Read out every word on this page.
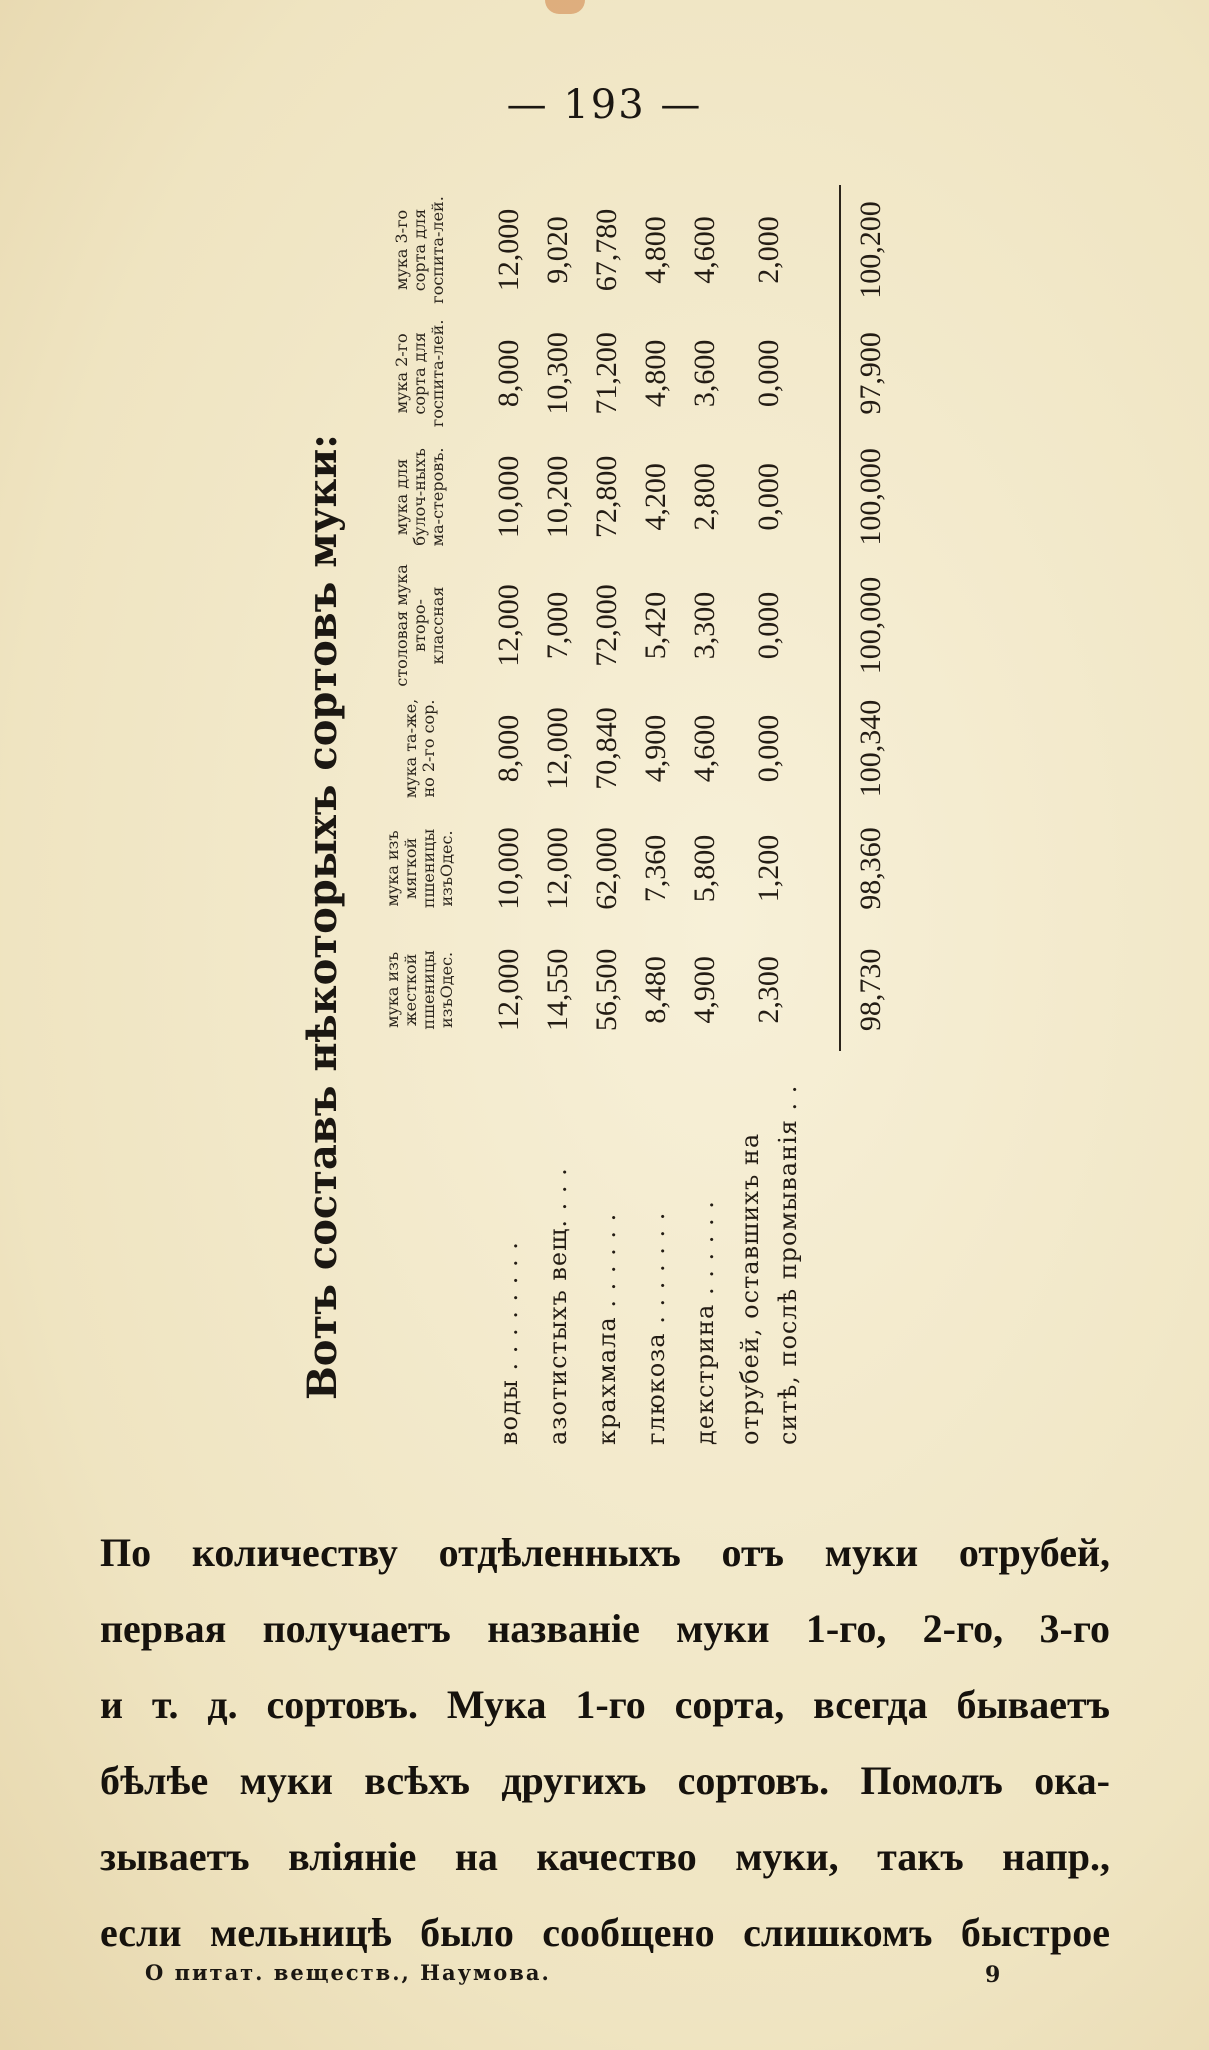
— 193 —
Вотъ составъ нѣкоторыхъ сортовъ муки:
		мука изъ жесткой пшеницы изъОдес.	мука изъ мягкой пшеницы изъОдес.	мука та-же, но 2-го сор.	столовая мука второ-классная	мука для булоч-ныхъ ма-стеровъ.	мука 2-го сорта для госпита-лей.	мука 3-го сорта для госпита-лей.
воды . . . . . . . .	12,000	10,000	8,000	12,000	10,000	8,000	12,000
азотистыхъ вещ. . . .	14,550	12,000	12,000	7,000	10,200	10,300	9,020
крахмала . . . . . .	56,500	62,000	70,840	72,000	72,800	71,200	67,780
глюкоза . . . . . . .	8,480	7,360	4,900	5,420	4,200	4,800	4,800
декстрина . . . . . .	4,900	5,800	4,600	3,300	2,800	3,600	4,600

отрубей, оставшихъ на ситѣ, послѣ промыванія . .	2,300	1,200	0,000	0,000	0,000	0,000	2,000

	98,730	98,360	100,340	100,000	100,000	97,900	100,200
По количеству отдѣленныхъ отъ муки отрубей,
первая получаетъ названіе муки 1-го, 2-го, 3-го
и т. д. сортовъ. Мука 1-го сорта, всегда бываетъ
бѣлѣе муки всѣхъ другихъ сортовъ. Помолъ ока-
зываетъ вліяніе на качество муки, такъ напр.,
если мельницѣ было сообщено слишкомъ быстрое
О питат. веществ., Наумова.	9
